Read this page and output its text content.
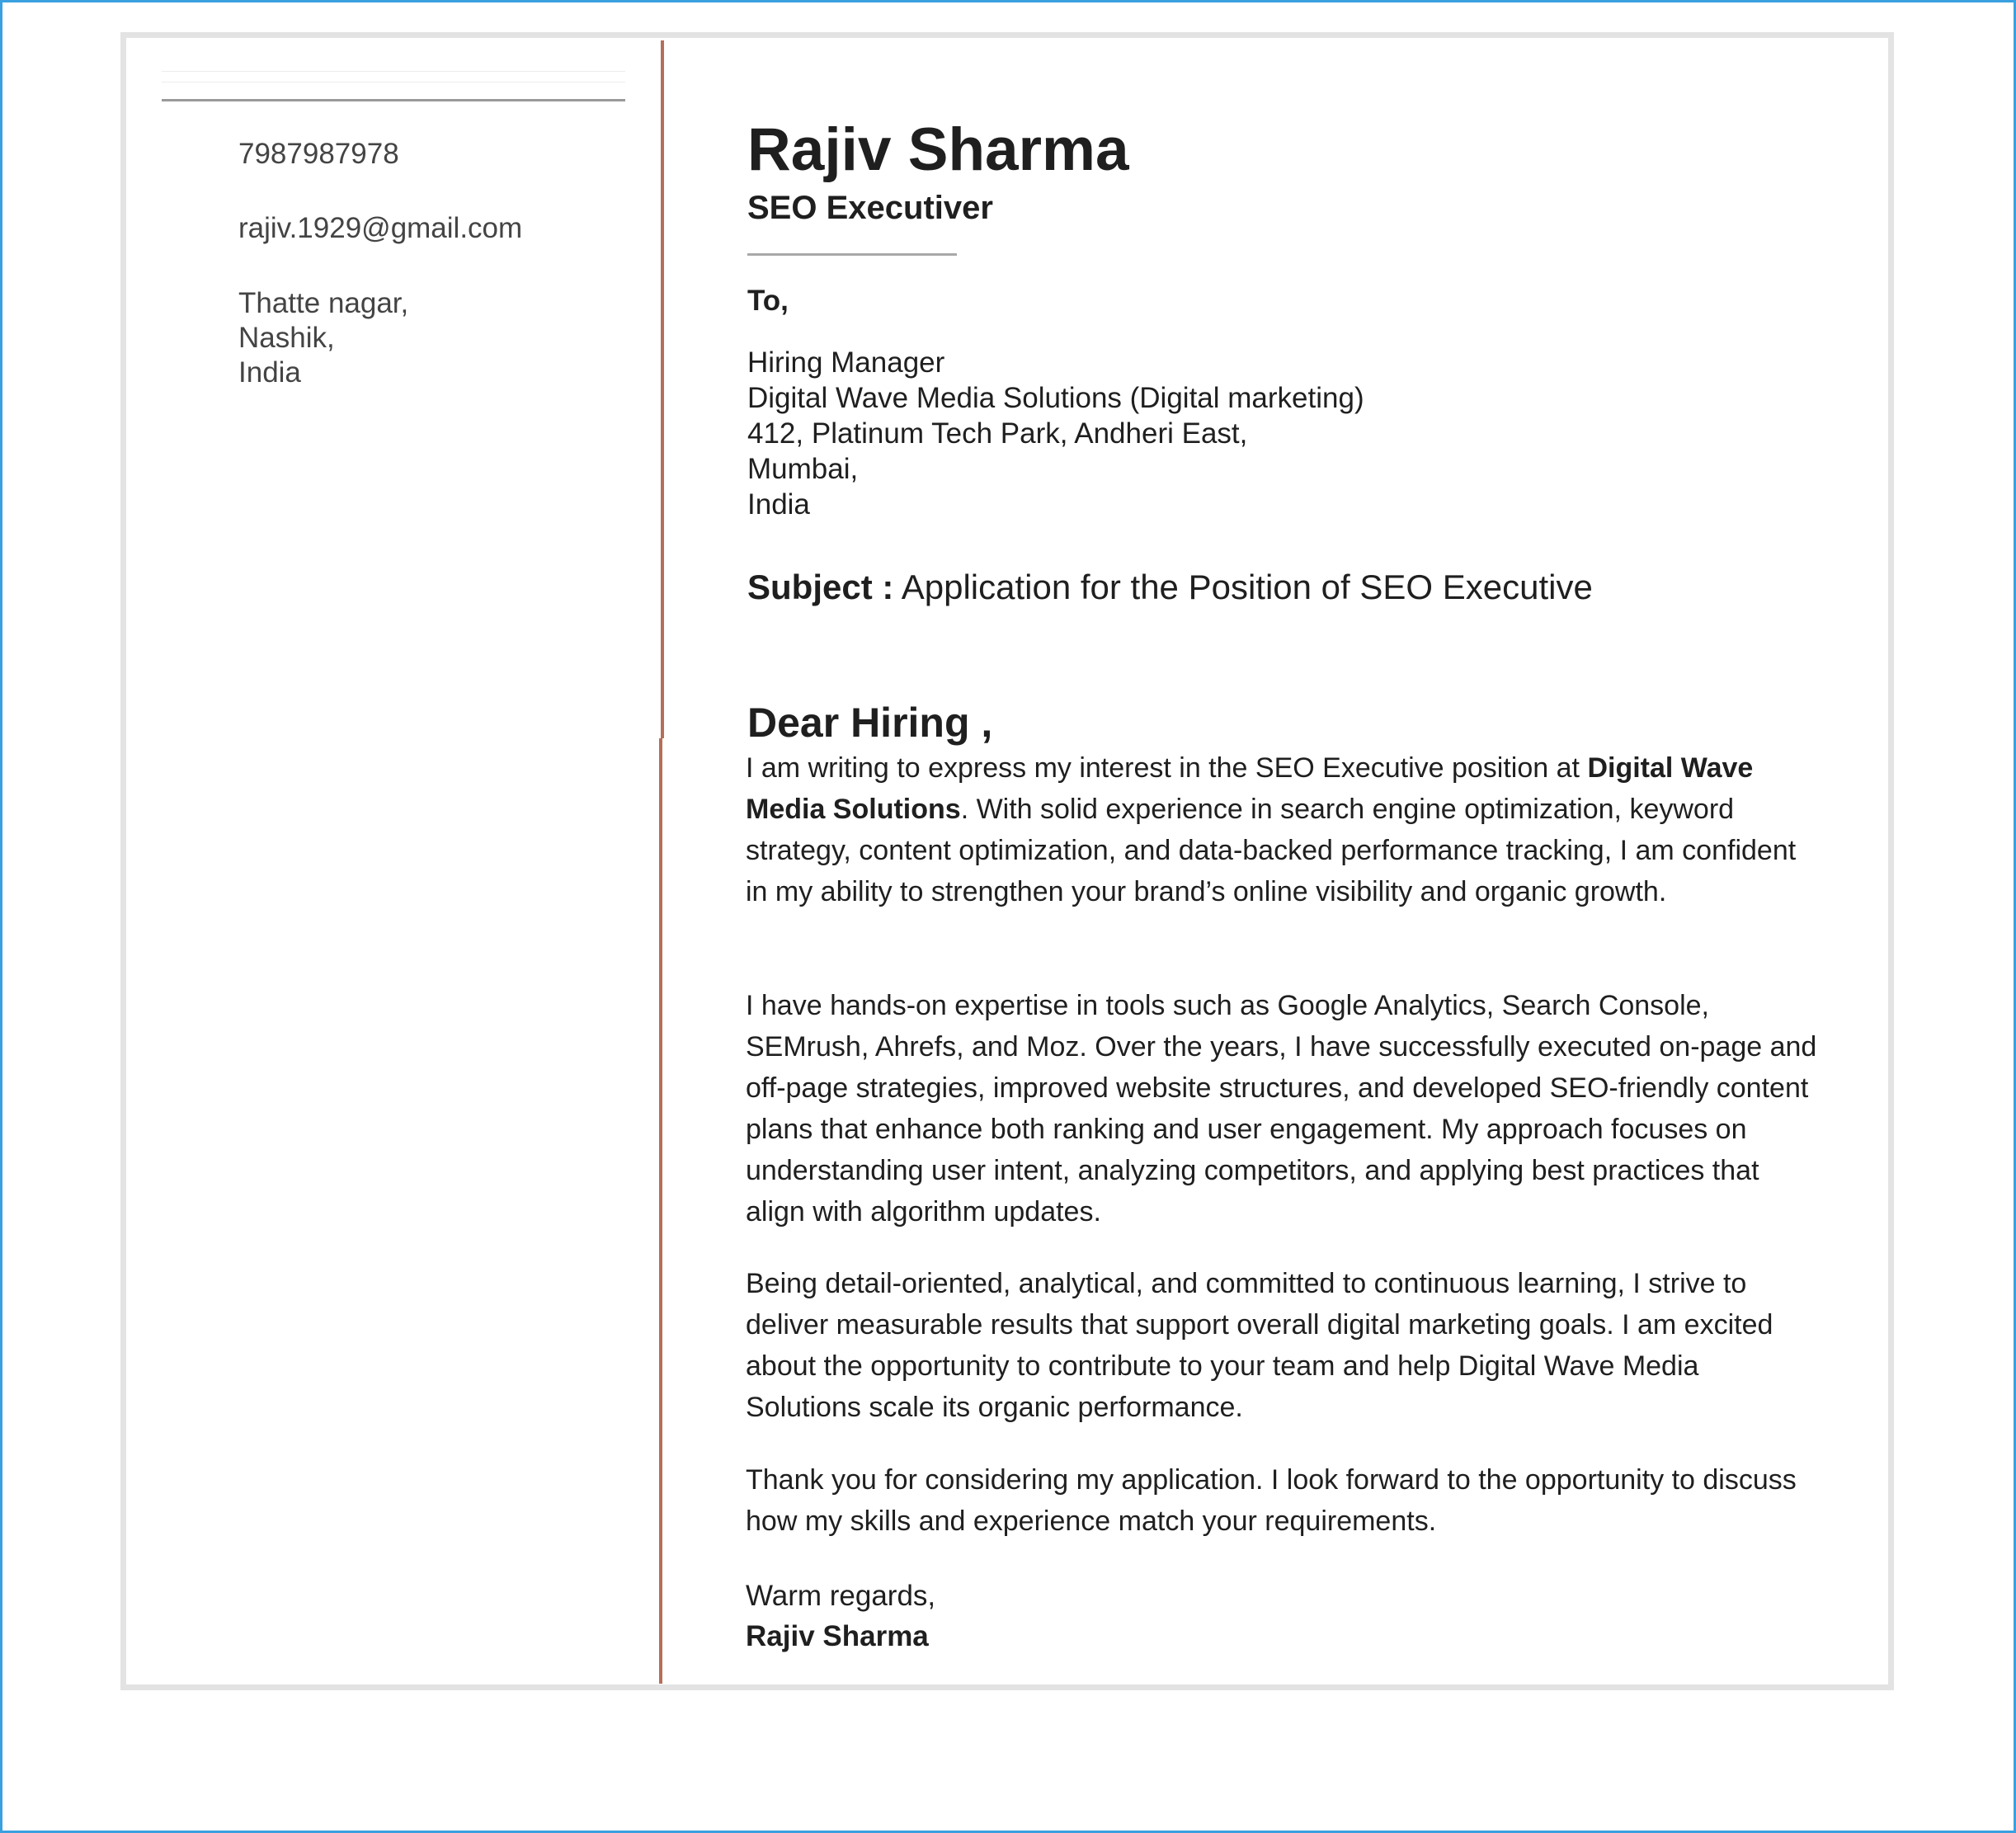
7987987978
rajiv.1929@gmail.com
Thatte nagar,
Nashik,
India
Rajiv Sharma
SEO Executiver
To,
Hiring Manager
Digital Wave Media Solutions (Digital marketing)
412, Platinum Tech Park, Andheri East,
Mumbai,
India
Subject : Application for the Position of SEO Executive
Dear Hiring ,
I am writing to express my interest in the SEO Executive position at Digital Wave Media Solutions. With solid experience in search engine optimization, keyword strategy, content optimization, and data-backed performance tracking, I am confident in my ability to strengthen your brand’s online visibility and organic growth.
I have hands-on expertise in tools such as Google Analytics, Search Console, SEMrush, Ahrefs, and Moz. Over the years, I have successfully executed on-page and off-page strategies, improved website structures, and developed SEO-friendly content plans that enhance both ranking and user engagement. My approach focuses on understanding user intent, analyzing competitors, and applying best practices that align with algorithm updates.
Being detail-oriented, analytical, and committed to continuous learning, I strive to deliver measurable results that support overall digital marketing goals. I am excited about the opportunity to contribute to your team and help Digital Wave Media Solutions scale its organic performance.
Thank you for considering my application. I look forward to the opportunity to discuss how my skills and experience match your requirements.
Warm regards,
Rajiv Sharma
